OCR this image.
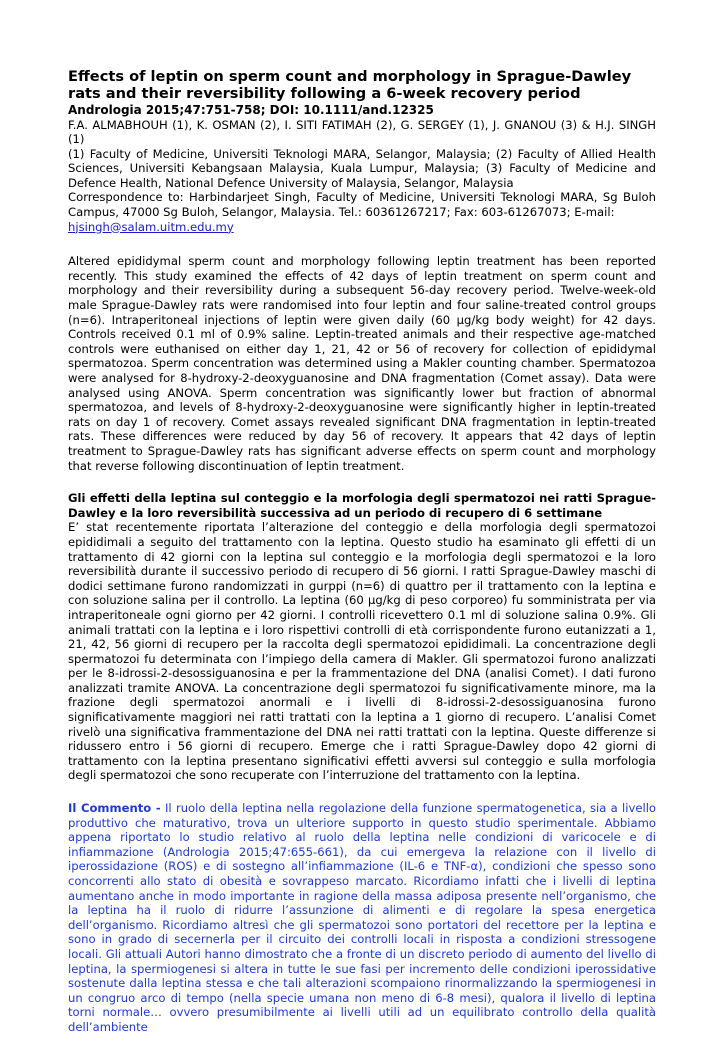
Effects of leptin on sperm count and morphology in Sprague-Dawley rats and their reversibility following a 6-week recovery period

Andrologia 2015;47:751-758; DOI: 10.1111/and.12325

F.A. ALMABHOUH (1), K. OSMAN (2), I. SITI FATIMAH (2), G. SERGEY (1), J. GNANOU (3) & H.J. SINGH (1)

(1) Faculty of Medicine, Universiti Teknologi MARA, Selangor, Malaysia; (2) Faculty of Allied Health Sciences, Universiti Kebangsaan Malaysia, Kuala Lumpur, Malaysia; (3) Faculty of Medicine and Defence Health, National Defence University of Malaysia, Selangor, Malaysia

Correspondence to: Harbindarjeet Singh, Faculty of Medicine, Universiti Teknologi MARA, Sg Buloh Campus, 47000 Sg Buloh, Selangor, Malaysia. Tel.: 60361267217; Fax: 603-61267073; E-mail:
hjsingh@salam.uitm.edu.my

Altered epididymal sperm count and morphology following leptin treatment has been reported recently. This study examined the effects of 42 days of leptin treatment on sperm count and morphology and their reversibility during a subsequent 56-day recovery period. Twelve-week-old male Sprague-Dawley rats were randomised into four leptin and four saline-treated control groups (n=6). Intraperitoneal injections of leptin were given daily (60 µg/kg body weight) for 42 days. Controls received 0.1 ml of 0.9% saline. Leptin-treated animals and their respective age-matched controls were euthanised on either day 1, 21, 42 or 56 of recovery for collection of epididymal spermatozoa. Sperm concentration was determined using a Makler counting chamber. Spermatozoa were analysed for 8-hydroxy-2-deoxyguanosine and DNA fragmentation (Comet assay). Data were analysed using ANOVA. Sperm concentration was significantly lower but fraction of abnormal spermatozoa, and levels of 8-hydroxy-2-deoxyguanosine were significantly higher in leptin-treated rats on day 1 of recovery. Comet assays revealed significant DNA fragmentation in leptin-treated rats. These differences were reduced by day 56 of recovery. It appears that 42 days of leptin treatment to Sprague-Dawley rats has significant adverse effects on sperm count and morphology that reverse following discontinuation of leptin treatment.

Gli effetti della leptina sul conteggio e la morfologia degli spermatozoi nei ratti Sprague-Dawley e la loro reversibilità successiva ad un periodo di recupero di 6 settimane

E’ stat recentemente riportata l’alterazione del conteggio e della morfologia degli spermatozoi epididimali a seguito del trattamento con la leptina. Questo studio ha esaminato gli effetti di un trattamento di 42 giorni con la leptina sul conteggio e la morfologia degli spermatozoi e la loro reversibilità durante il successivo periodo di recupero di 56 giorni. I ratti Sprague-Dawley maschi di dodici settimane furono randomizzati in gurppi (n=6) di quattro per il trattamento con la leptina e con soluzione salina per il controllo. La leptina (60 µg/kg di peso corporeo) fu somministrata per via intraperitoneale ogni giorno per 42 giorni. I controlli ricevettero 0.1 ml di soluzione salina 0.9%. Gli animali trattati con la leptina e i loro rispettivi controlli di età corrispondente furono eutanizzati a 1, 21, 42, 56 giorni di recupero per la raccolta degli spermatozoi epididimali. La concentrazione degli spermatozoi fu determinata con l’impiego della camera di Makler. Gli spermatozoi furono analizzati per le 8-idrossi-2-desossiguanosina e per la frammentazione del DNA (analisi Comet). I dati furono analizzati tramite ANOVA. La concentrazione degli spermatozoi fu significativamente minore, ma la frazione degli spermatozoi anormali e i livelli di 8-idrossi-2-desossiguanosina furono significativamente maggiori nei ratti trattati con la leptina a 1 giorno di recupero. L’analisi Comet rivelò una significativa frammentazione del DNA nei ratti trattati con la leptina. Queste differenze si ridussero entro i 56 giorni di recupero. Emerge che i ratti Sprague-Dawley dopo 42 giorni di trattamento con la leptina presentano significativi effetti avversi sul conteggio e sulla morfologia degli spermatozoi che sono recuperate con l’interruzione del trattamento con la leptina.

Il Commento - Il ruolo della leptina nella regolazione della funzione spermatogenetica, sia a livello produttivo che maturativo, trova un ulteriore supporto in questo studio sperimentale. Abbiamo appena riportato lo studio relativo al ruolo della leptina nelle condizioni di varicocele e di infiammazione (Andrologia 2015;47:655-661), da cui emergeva la relazione con il livello di iperossidazione (ROS) e di sostegno all’infiammazione (IL-6 e TNF-α), condizioni che spesso sono concorrenti allo stato di obesità e sovrappeso marcato. Ricordiamo infatti che i livelli di leptina aumentano anche in modo importante in ragione della massa adiposa presente nell’organismo, che la leptina ha il ruolo di ridurre l’assunzione di alimenti e di regolare la spesa energetica dell’organismo. Ricordiamo altresì che gli spermatozoi sono portatori del recettore per la leptina e sono in grado di secernerla per il circuito dei controlli locali in risposta a condizioni stressogene locali. Gli attuali Autori hanno dimostrato che a fronte di un discreto periodo di aumento del livello di leptina, la spermiogenesi si altera in tutte le sue fasi per incremento delle condizioni iperossidative sostenute dalla leptina stessa e che tali alterazioni scompaiono rinormalizzando la spermiogenesi in un congruo arco di tempo (nella specie umana non meno di 6-8 mesi), qualora il livello di leptina torni normale… ovvero presumibilmente ai livelli utili ad un equilibrato controllo della qualità dell’ambiente
